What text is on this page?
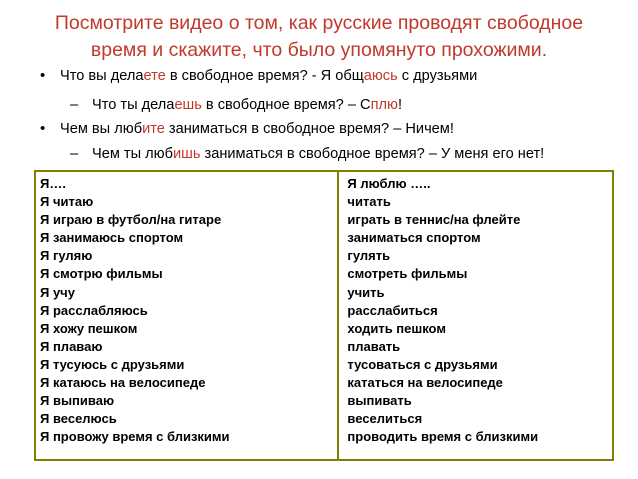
Посмотрите видео о том, как русские проводят свободное
время и скажите, что было упомянуто прохожими.
• Что вы делаете в свободное время? - Я общаюсь с друзьями
– Что ты делаешь в свободное время? – Сплю!
• Чем вы любите заниматься в свободное время? – Ничем!
– Чем ты любишь заниматься в свободное время? – У меня его нет!
Я….
Я читаю
Я играю в футбол/на гитаре
Я занимаюсь спортом
Я гуляю
Я смотрю фильмы
Я учу
Я расслабляюсь
Я хожу пешком
Я плаваю
Я тусуюсь с друзьями
Я катаюсь на велосипеде
Я выпиваю
Я веселюсь
Я провожу время с близкими
Я люблю …..
читать
играть в теннис/на флейте
заниматься спортом
гулять
смотреть фильмы
учить
расслабиться
ходить пешком
плавать
тусоваться с друзьями
кататься на велосипеде
выпивать
веселиться
проводить время с близкими
